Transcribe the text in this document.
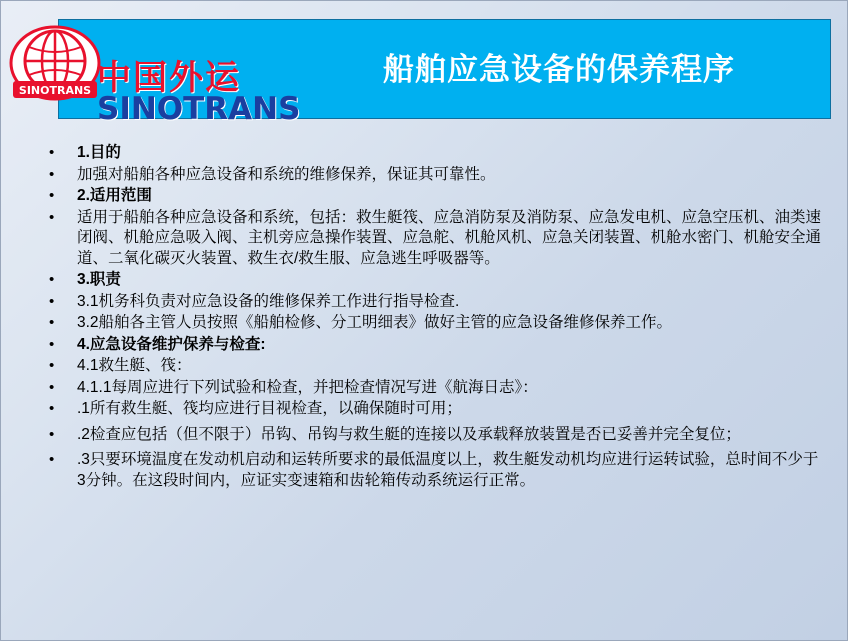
船舶应急设备的保养程序
SINOTRANS 中国外运
SINOTRANS
• 1.目的
• 加强对船舶各种应急设备和系统的维修保养，保证其可靠性。
• 2.适用范围
• 适用于船舶各种应急设备和系统，包括：救生艇筏、应急消防泵及消防泵、应急发电机、应急空压机、油类速闭阀、机舱应急吸入阀、主机旁应急操作装置、应急舵、机舱风机、应急关闭装置、机舱水密门、机舱安全通道、二氧化碳灭火装置、救生衣/救生服、应急逃生呼吸器等。
• 3.职责
• 3.1机务科负责对应急设备的维修保养工作进行指导检查.
• 3.2船舶各主管人员按照《船舶检修、分工明细表》做好主管的应急设备维修保养工作。
• 4.应急设备维护保养与检查:
• 4.1救生艇、筏：
• 4.1.1每周应进行下列试验和检查，并把检查情况写进《航海日志》：
• .1所有救生艇、筏均应进行目视检查，以确保随时可用；
• .2检查应包括（但不限于）吊钩、吊钩与救生艇的连接以及承载释放装置是否已妥善并完全复位；
• .3只要环境温度在发动机启动和运转所要求的最低温度以上，救生艇发动机均应进行运转试验，总时间不少于3分钟。在这段时间内，应证实变速箱和齿轮箱传动系统运行正常。
